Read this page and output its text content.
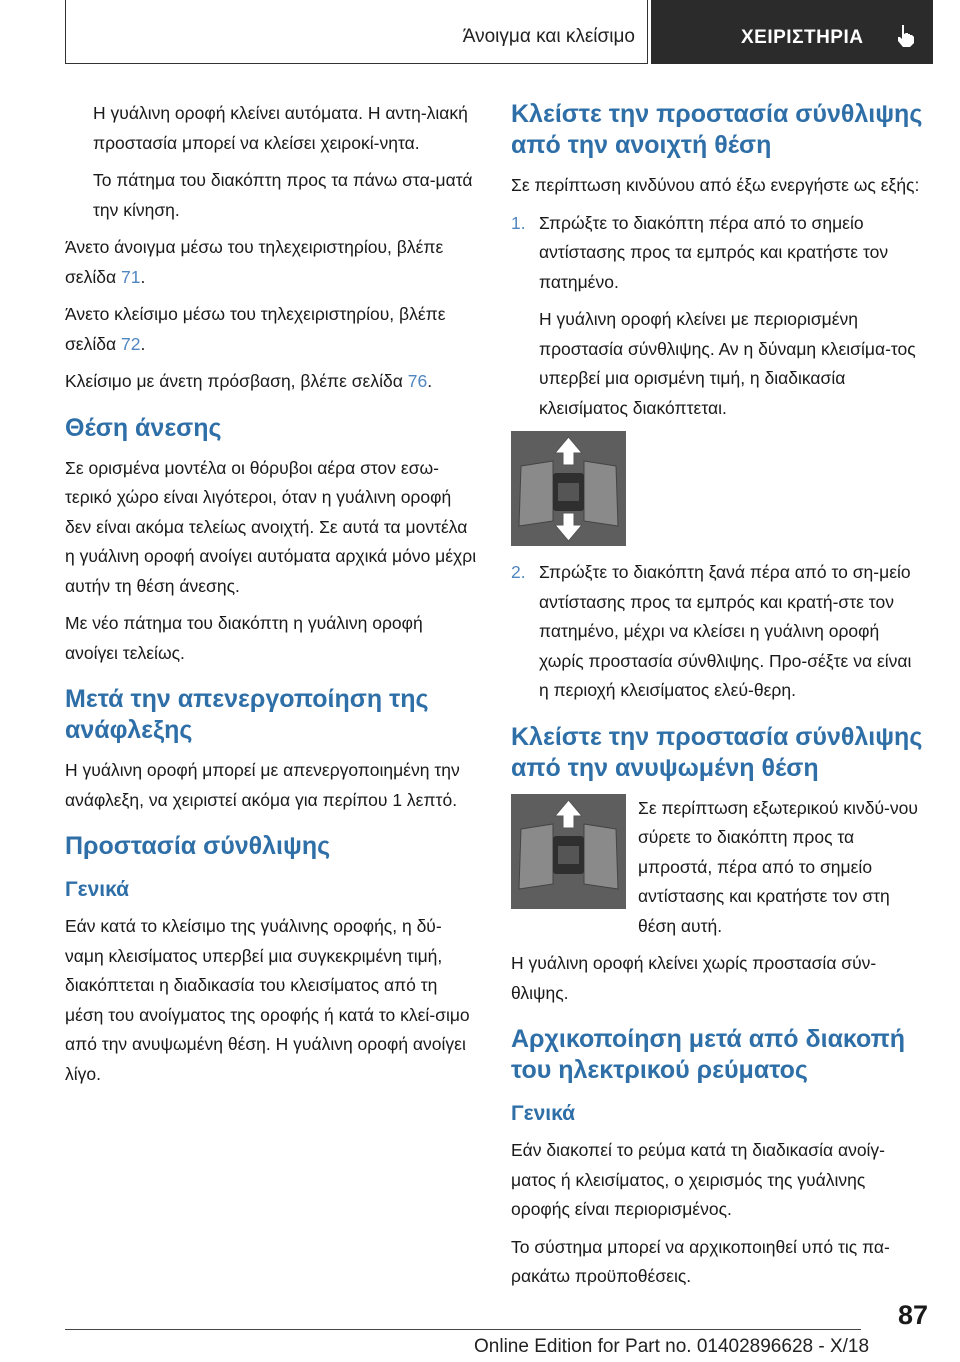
Άνοιγμα και κλείσιμο	ΧΕΙΡΙΣΤΗΡΙΑ

Η γυάλινη οροφή κλείνει αυτόματα. Η αντη-λιακή προστασία μπορεί να κλείσει χειροκί-νητα.

Το πάτημα του διακόπτη προς τα πάνω στα-ματά την κίνηση.

Άνετο άνοιγμα μέσω του τηλεχειριστηρίου, βλέπε σελίδα 71.

Άνετο κλείσιμο μέσω του τηλεχειριστηρίου, βλέπε σελίδα 72.

Κλείσιμο με άνετη πρόσβαση, βλέπε σελίδα 76.

Θέση άνεσης

Σε ορισμένα μοντέλα οι θόρυβοι αέρα στον εσω-τερικό χώρο είναι λιγότεροι, όταν η γυάλινη οροφή δεν είναι ακόμα τελείως ανοιχτή. Σε αυτά τα μοντέλα η γυάλινη οροφή ανοίγει αυτόματα αρχικά μόνο μέχρι αυτήν τη θέση άνεσης.

Με νέο πάτημα του διακόπτη η γυάλινη οροφή ανοίγει τελείως.

Μετά την απενεργοποίηση της ανάφλεξης

Η γυάλινη οροφή μπορεί με απενεργοποιημένη την ανάφλεξη, να χειριστεί ακόμα για περίπου 1 λεπτό.

Προστασία σύνθλιψης
Γενικά

Εάν κατά το κλείσιμο της γυάλινης οροφής, η δύ-ναμη κλεισίματος υπερβεί μια συγκεκριμένη τιμή, διακόπτεται η διαδικασία του κλεισίματος από τη μέση του ανοίγματος της οροφής ή κατά το κλεί-σιμο από την ανυψωμένη θέση. Η γυάλινη οροφή ανοίγει λίγο.

Κλείστε την προστασία σύνθλιψης από την ανοιχτή θέση

Σε περίπτωση κινδύνου από έξω ενεργήστε ως εξής:

1. Σπρώξτε το διακόπτη πέρα από το σημείο αντίστασης προς τα εμπρός και κρατήστε τον πατημένο.

Η γυάλινη οροφή κλείνει με περιορισμένη προστασία σύνθλιψης. Αν η δύναμη κλεισίμα-τος υπερβεί μια ορισμένη τιμή, η διαδικασία κλεισίματος διακόπτεται.

2. Σπρώξτε το διακόπτη ξανά πέρα από το ση-μείο αντίστασης προς τα εμπρός και κρατή-στε τον πατημένο, μέχρι να κλείσει η γυάλινη οροφή χωρίς προστασία σύνθλιψης. Προ-σέξτε να είναι η περιοχή κλεισίματος ελεύ-θερη.

Κλείστε την προστασία σύνθλιψης από την ανυψωμένη θέση
Σε περίπτωση εξωτερικού κινδύ-νου σύρετε το διακόπτη προς τα μπροστά, πέρα από το σημείο αντίστασης και κρατήστε τον στη θέση αυτή.

Η γυάλινη οροφή κλείνει χωρίς προστασία σύν-θλιψης.

Αρχικοποίηση μετά από διακοπή του ηλεκτρικού ρεύματος
Γενικά

Εάν διακοπεί το ρεύμα κατά τη διαδικασία ανοίγ-ματος ή κλεισίματος, ο χειρισμός της γυάλινης οροφής είναι περιορισμένος.

Το σύστημα μπορεί να αρχικοποιηθεί υπό τις πα-ρακάτω προϋποθέσεις.

87
Online Edition for Part no. 01402896628 - X/18
